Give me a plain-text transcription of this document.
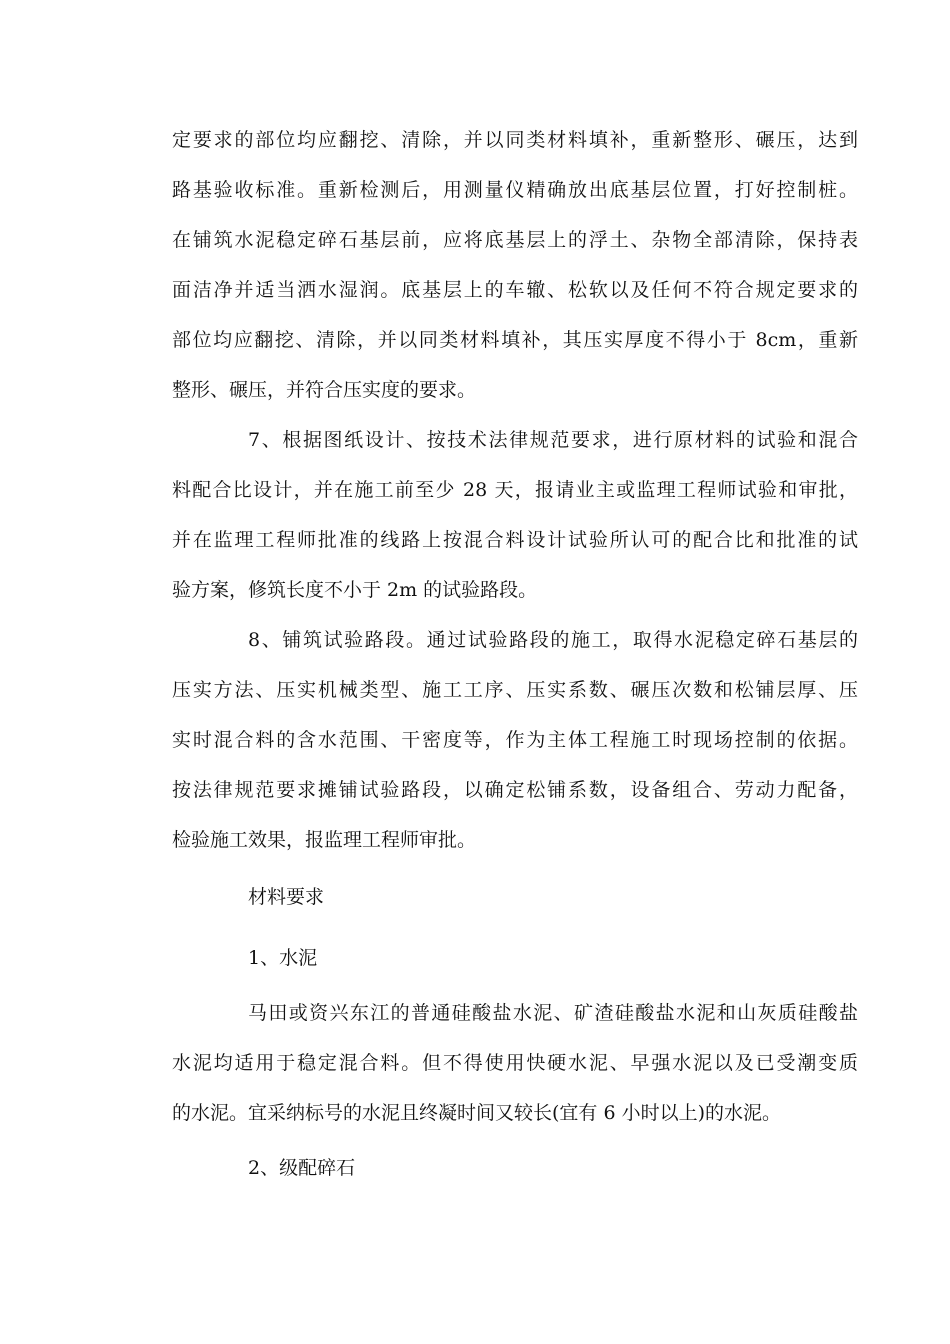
定要求的部位均应翻挖、清除，并以同类材料填补，重新整形、碾压，达到
路基验收标准。重新检测后，用测量仪精确放出底基层位置，打好控制桩。
在铺筑水泥稳定碎石基层前，应将底基层上的浮土、杂物全部清除，保持表
面洁净并适当洒水湿润。底基层上的车辙、松软以及任何不符合规定要求的
部位均应翻挖、清除，并以同类材料填补，其压实厚度不得小于 8cm，重新
整形、碾压，并符合压实度的要求。
7、根据图纸设计、按技术法律规范要求，进行原材料的试验和混合
料配合比设计，并在施工前至少 28 天，报请业主或监理工程师试验和审批，
并在监理工程师批准的线路上按混合料设计试验所认可的配合比和批准的试
验方案，修筑长度不小于 2m 的试验路段。
8、铺筑试验路段。通过试验路段的施工，取得水泥稳定碎石基层的
压实方法、压实机械类型、施工工序、压实系数、碾压次数和松铺层厚、压
实时混合料的含水范围、干密度等，作为主体工程施工时现场控制的依据。
按法律规范要求摊铺试验路段，以确定松铺系数，设备组合、劳动力配备，
检验施工效果，报监理工程师审批。
材料要求
1、水泥
马田或资兴东江的普通硅酸盐水泥、矿渣硅酸盐水泥和山灰质硅酸盐
水泥均适用于稳定混合料。但不得使用快硬水泥、早强水泥以及已受潮变质
的水泥。宜采纳标号的水泥且终凝时间又较长(宜有 6 小时以上)的水泥。
2、级配碎石
